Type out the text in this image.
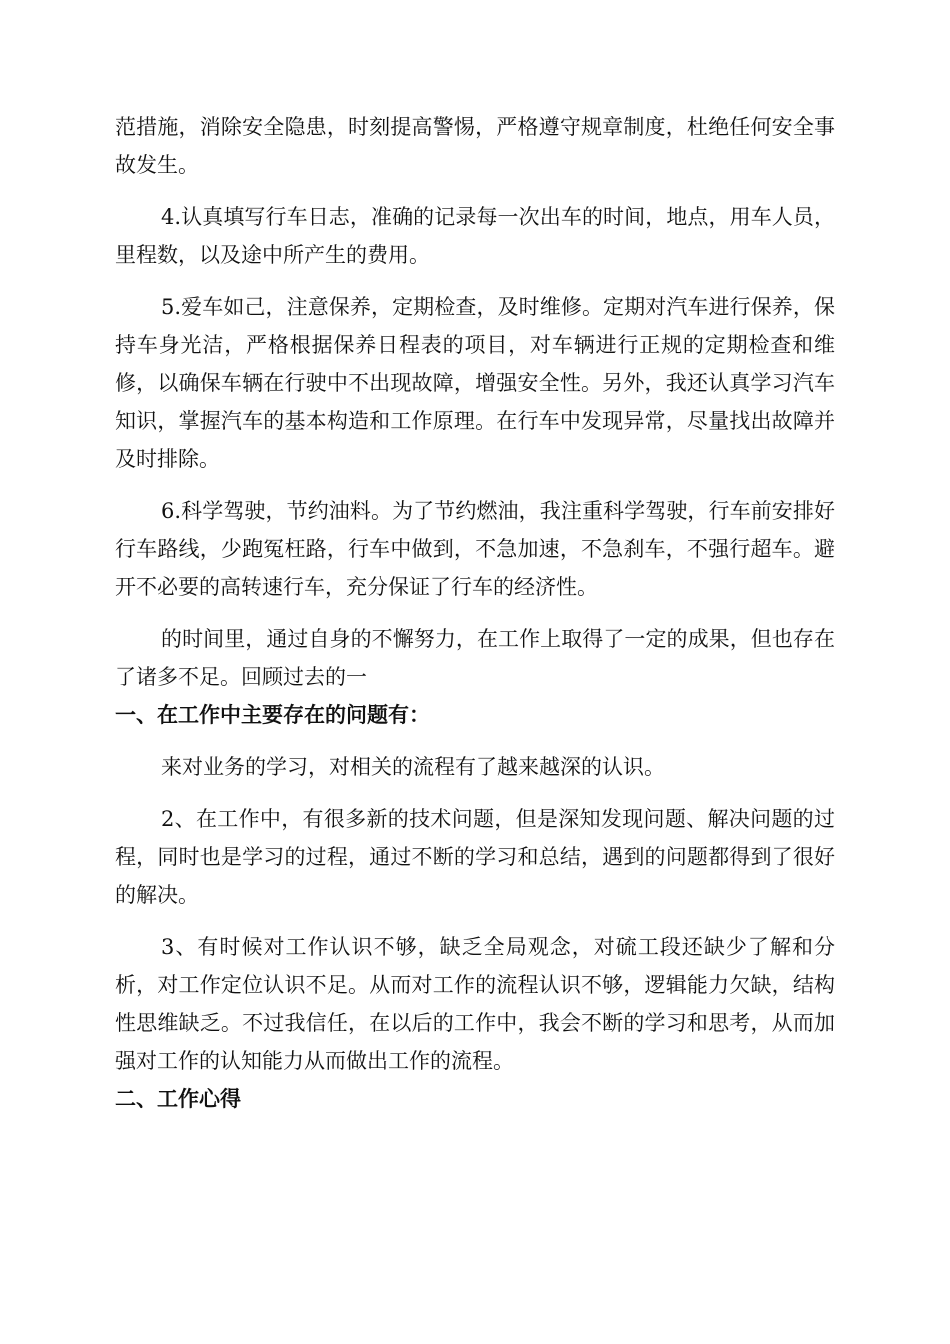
范措施，消除安全隐患，时刻提高警惕，严格遵守规章制度，杜绝任何安全事故发生。

4.认真填写行车日志，准确的记录每一次出车的时间，地点，用车人员，里程数，以及途中所产生的费用。

5.爱车如己，注意保养，定期检查，及时维修。定期对汽车进行保养，保持车身光洁，严格根据保养日程表的项目，对车辆进行正规的定期检查和维修，以确保车辆在行驶中不出现故障，增强安全性。另外，我还认真学习汽车知识，掌握汽车的基本构造和工作原理。在行车中发现异常，尽量找出故障并及时排除。

6.科学驾驶，节约油料。为了节约燃油，我注重科学驾驶，行车前安排好行车路线，少跑冤枉路，行车中做到，不急加速，不急刹车，不强行超车。避开不必要的高转速行车，充分保证了行车的经济性。

的时间里，通过自身的不懈努力，在工作上取得了一定的成果，但也存在了诸多不足。回顾过去的一

一、在工作中主要存在的问题有：

来对业务的学习，对相关的流程有了越来越深的认识。

2、在工作中，有很多新的技术问题，但是深知发现问题、解决问题的过程，同时也是学习的过程，通过不断的学习和总结，遇到的问题都得到了很好的解决。

3、有时候对工作认识不够，缺乏全局观念，对硫工段还缺少了解和分析，对工作定位认识不足。从而对工作的流程认识不够，逻辑能力欠缺，结构性思维缺乏。不过我信任，在以后的工作中，我会不断的学习和思考，从而加强对工作的认知能力从而做出工作的流程。

二、工作心得
